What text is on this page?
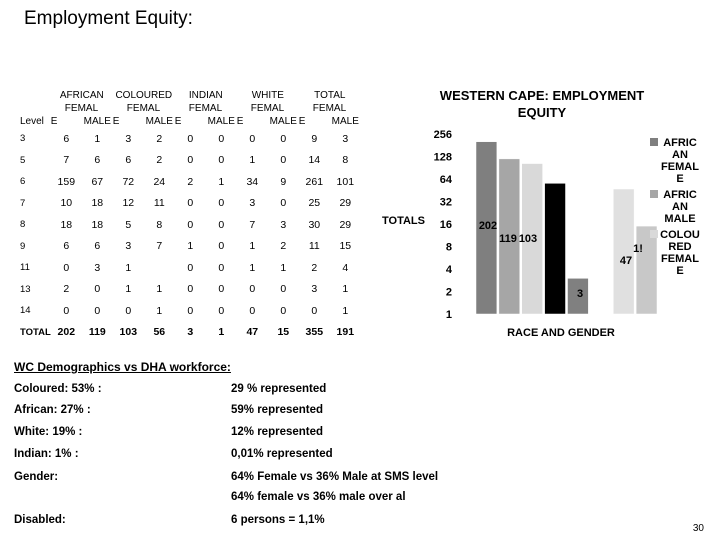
Employment Equity:
	AFRICAN		COLOURED		INDIAN		WHITE		TOTAL	
	FEMAL		FEMAL		FEMAL		FEMAL		FEMAL	
Level	E	MALE	E	MALE	E	MALE	E	MALE	E	MALE
3	6	1	3	2	0	0	0	0	9	3
5	7	6	6	2	0	0	1	0	14	8
6	159	67	72	24	2	1	34	9	261	101
7	10	18	12	11	0	0	3	0	25	29
8	18	18	5	8	0	0	7	3	30	29
9	6	6	3	7	1	0	1	2	11	15
11	0	3	1		0	0	1	1	2	4
13	2	0	1	1	0	0	0	0	3	1
14	0	0	0	1	0	0	0	0	0	1
TOTAL	202	119	103	56	3	1	47	15	355	191
WESTERN CAPE: EMPLOYMENT
EQUITY
1
2
4
8
16
32
64
128
256
TOTALS
RACE AND GENDER
202
119 103
3
47
1!
AFRIC
AN
FEMAL
E
AFRIC
AN
MALE
COLOU
RED
FEMAL
E
WC Demographics vs DHA workforce:
Coloured: 53% :	29 % represented
African: 27% :	59% represented
White: 19% :	12% represented
Indian: 1% :	0,01% represented
Gender:	64% Female vs 36% Male at SMS level
64% female vs 36% male over al
Disabled:	6 persons = 1,1%
30
